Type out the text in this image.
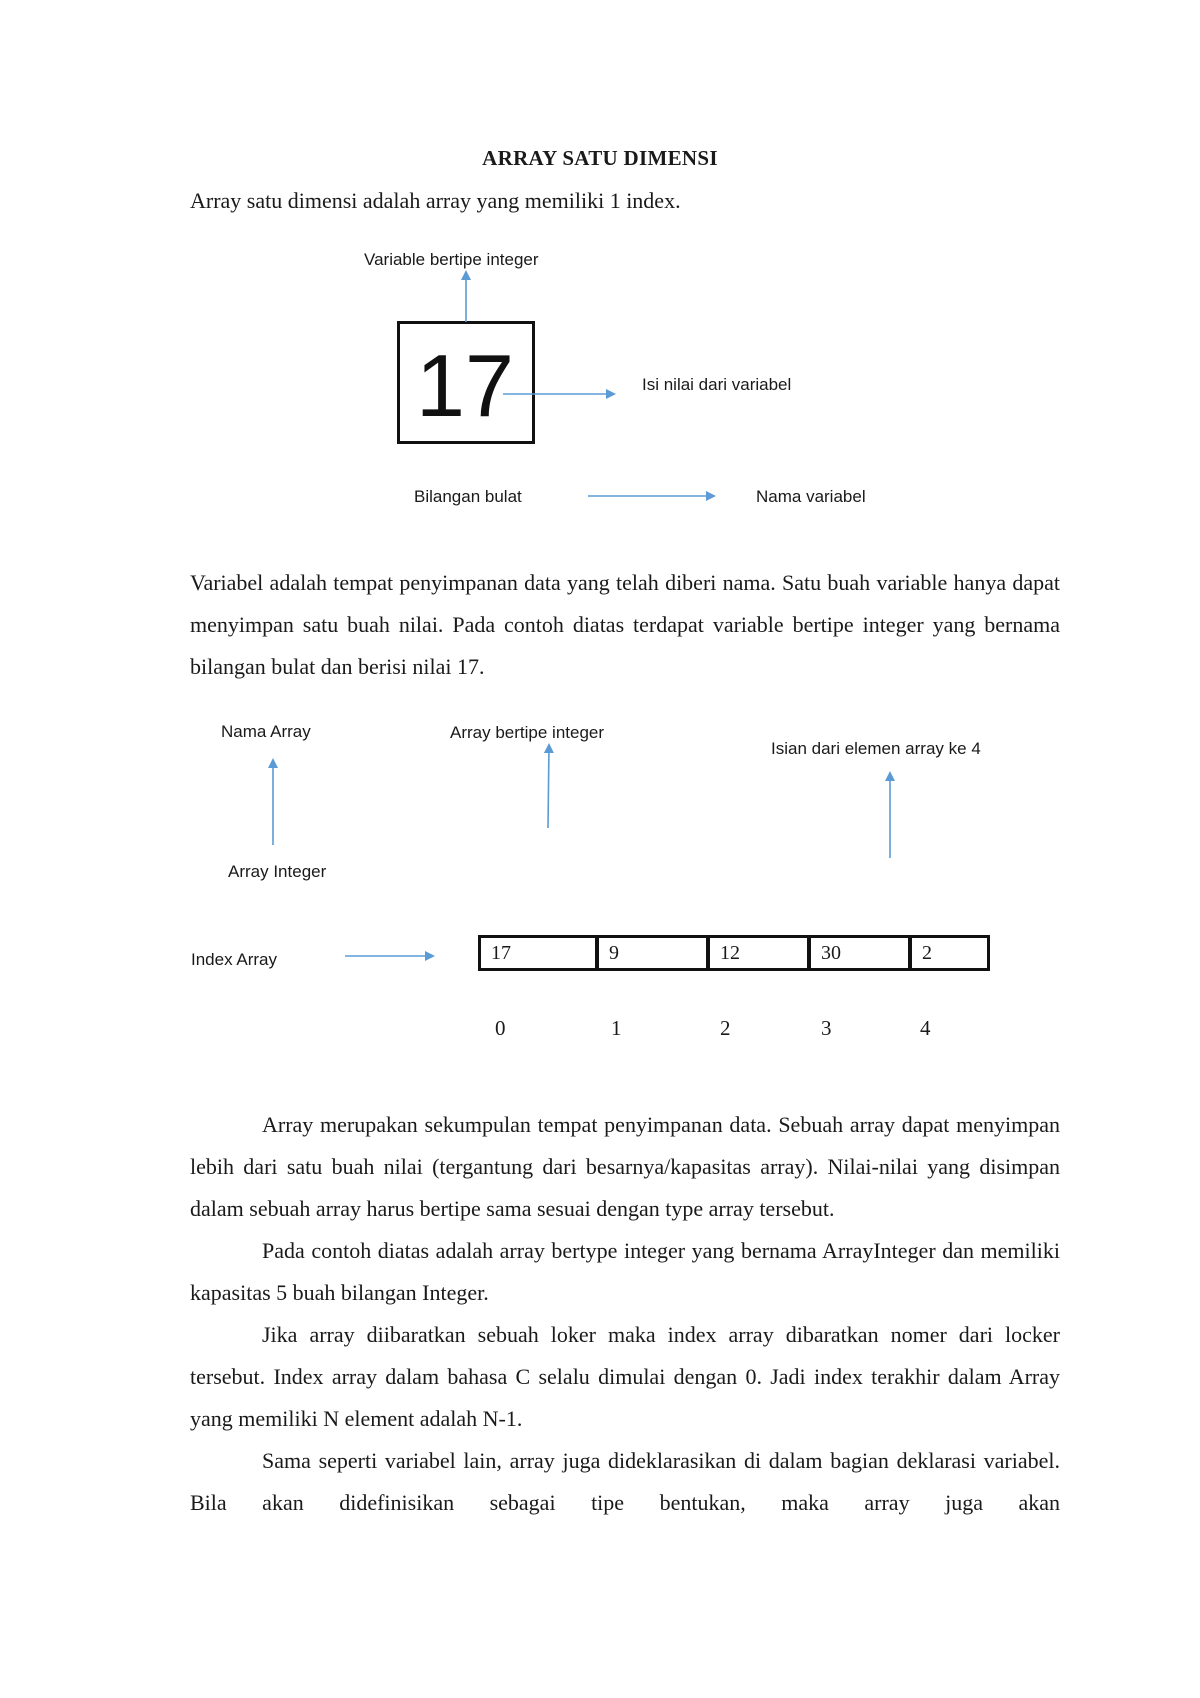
ARRAY SATU DIMENSI
Array satu dimensi adalah array yang memiliki 1 index.
Variable bertipe integer
17	Isi nilai dari variabel
Bilangan bulat	Nama variabel

Variabel adalah tempat penyimpanan data yang telah diberi nama. Satu buah variable hanya dapat menyimpan satu buah nilai. Pada contoh diatas terdapat variable bertipe integer yang bernama bilangan bulat dan berisi nilai 17.

Nama Array	Array bertipe integer
Isian dari elemen array ke 4
Array Integer
Index Array	17	9	12	30	2
0	1	2	3	4

Array merupakan sekumpulan tempat penyimpanan data. Sebuah array dapat menyimpan lebih dari satu buah nilai (tergantung dari besarnya/kapasitas array). Nilai-nilai yang disimpan dalam sebuah array harus bertipe sama sesuai dengan type array tersebut.

Pada contoh diatas adalah array bertype integer yang bernama ArrayInteger dan memiliki kapasitas 5 buah bilangan Integer.

Jika array diibaratkan sebuah loker maka index array dibaratkan nomer dari locker tersebut. Index array dalam bahasa C selalu dimulai dengan 0. Jadi index terakhir dalam Array yang memiliki N element adalah N-1.

Sama seperti variabel lain, array juga dideklarasikan di dalam bagian deklarasi variabel. Bila akan didefinisikan sebagai tipe bentukan, maka array juga akan
